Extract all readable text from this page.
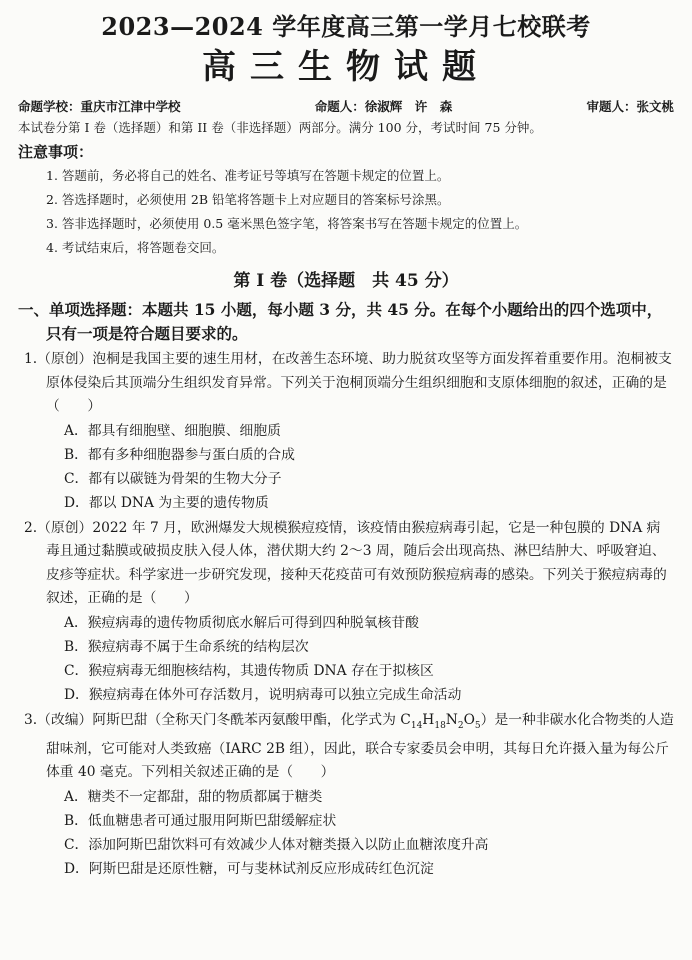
2023—2024 学年度高三第一学月七校联考
高三生物试题
命题学校：重庆市江津中学校	命题人：徐淑辉　许　森	审题人：张文桃
本试卷分第 I 卷（选择题）和第 II 卷（非选择题）两部分。满分 100 分，考试时间 75 分钟。
注意事项：
1. 答题前，务必将自己的姓名、准考证号等填写在答题卡规定的位置上。
2. 答选择题时，必须使用 2B 铅笔将答题卡上对应题目的答案标号涂黑。
3. 答非选择题时，必须使用 0.5 毫米黑色签字笔，将答案书写在答题卡规定的位置上。
4. 考试结束后，将答题卷交回。
第 I 卷（选择题　共 45 分）
一、单项选择题：本题共 15 小题，每小题 3 分，共 45 分。在每个小题给出的四个选项中，只有一项是符合题目要求的。
1.（原创）泡桐是我国主要的速生用材，在改善生态环境、助力脱贫攻坚等方面发挥着重要作用。泡桐被支原体侵染后其顶端分生组织发育异常。下列关于泡桐顶端分生组织细胞和支原体细胞的叙述，正确的是（　　）
A．都具有细胞壁、细胞膜、细胞质
B．都有多种细胞器参与蛋白质的合成
C．都有以碳链为骨架的生物大分子
D．都以 DNA 为主要的遗传物质
2.（原创）2022 年 7 月，欧洲爆发大规模猴痘疫情，该疫情由猴痘病毒引起，它是一种包膜的 DNA 病毒且通过黏膜或破损皮肤入侵人体，潜伏期大约 2～3 周，随后会出现高热、淋巴结肿大、呼吸窘迫、皮疹等症状。科学家进一步研究发现，接种天花疫苗可有效预防猴痘病毒的感染。下列关于猴痘病毒的叙述，正确的是（　　）
A．猴痘病毒的遗传物质彻底水解后可得到四种脱氧核苷酸
B．猴痘病毒不属于生命系统的结构层次
C．猴痘病毒无细胞核结构，其遗传物质 DNA 存在于拟核区
D．猴痘病毒在体外可存活数月，说明病毒可以独立完成生命活动
3.（改编）阿斯巴甜（全称天门冬酰苯丙氨酸甲酯，化学式为 $C_{14}H_{18}N_2O_5$）是一种非碳水化合物类的人造甜味剂，它可能对人类致癌（IARC 2B 组），因此，联合专家委员会申明，其每日允许摄入量为每公斤体重 40 毫克。下列相关叙述正确的是（　　）
A．糖类不一定都甜，甜的物质都属于糖类
B．低血糖患者可通过服用阿斯巴甜缓解症状
C．添加阿斯巴甜饮料可有效减少人体对糖类摄入以防止血糖浓度升高
D．阿斯巴甜是还原性糖，可与斐林试剂反应形成砖红色沉淀
